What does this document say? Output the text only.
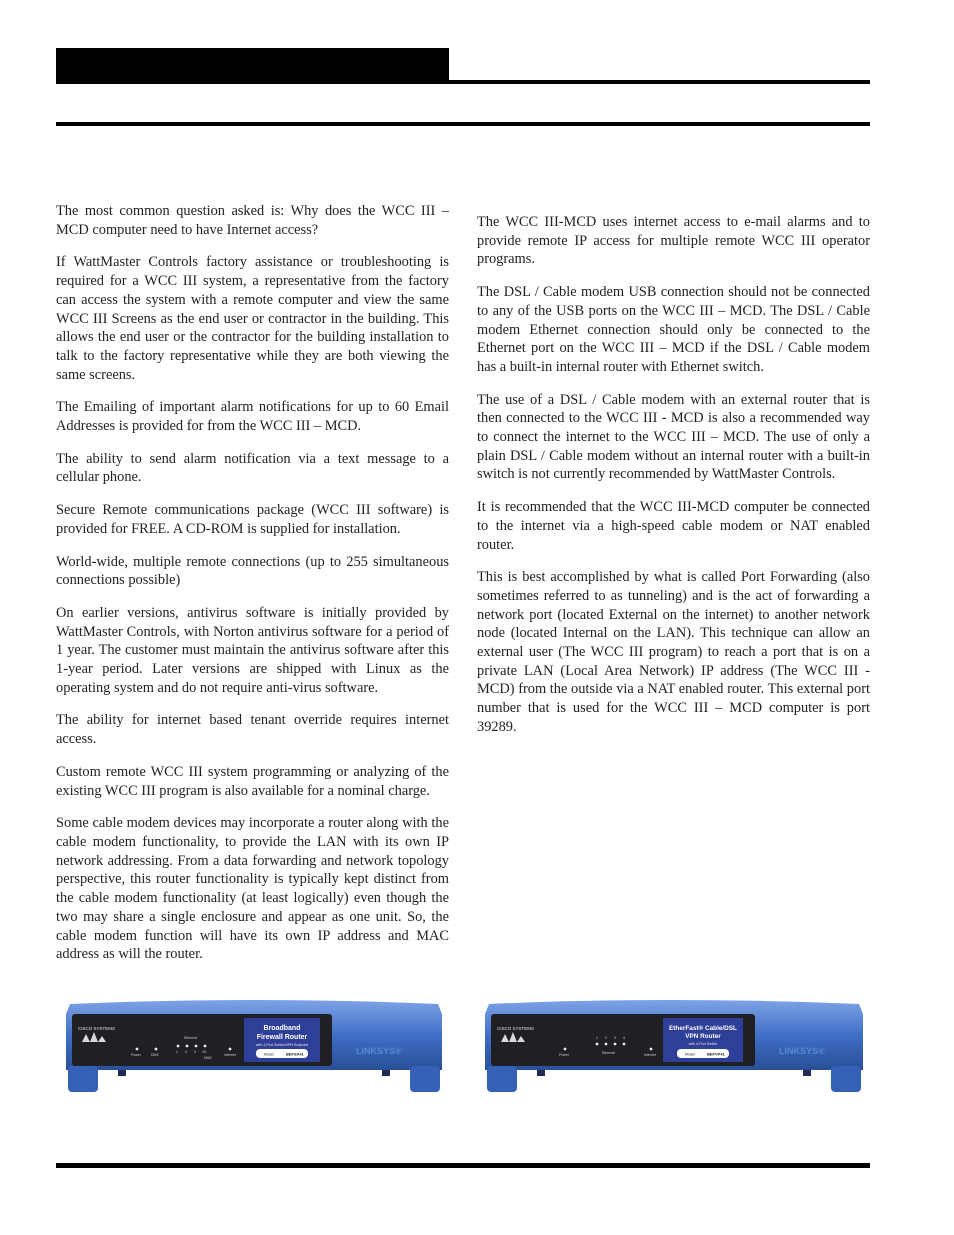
The most common question asked is: Why does the WCC III – MCD computer need to have Internet access?

If WattMaster Controls factory assistance or troubleshooting is required for a WCC III system, a representative from the factory can access the system with a remote computer and view the same WCC III Screens as the end user or contractor in the building. This allows the end user or the contractor for the building installation to talk to the factory representative while they are both viewing the same screens.

The Emailing of important alarm notifications for up to 60 Email Addresses is provided for from the WCC III – MCD.

The ability to send alarm notification via a text message to a cellular phone.

Secure Remote communications package (WCC III software) is provided for FREE. A CD-ROM is supplied for installation.

World-wide, multiple remote connections (up to 255 simultaneous connections possible)

On earlier versions, antivirus software is initially provided by WattMaster Controls, with Norton antivirus software for a period of 1 year. The customer must maintain the antivirus software after this 1-year period. Later versions are shipped with Linux as the operating system and do not require anti-virus software.

The ability for internet based tenant override requires internet access.

Custom remote WCC III system programming or analyzing of the existing WCC III program is also available for a nominal charge.

Some cable modem devices may incorporate a router along with the cable modem functionality, to provide the LAN with its own IP network addressing. From a data forwarding and network topology perspective, this router functionality is typically kept distinct from the cable modem functionality (at least logically) even though the two may share a single enclosure and appear as one unit. So, the cable modem function will have its own IP address and MAC address as will the router.

The WCC III-MCD uses internet access to e-mail alarms and to provide remote IP access for multiple remote WCC III operator programs.

The DSL / Cable modem USB connection should not be connected to any of the USB ports on the WCC III – MCD. The DSL / Cable modem Ethernet connection should only be connected to the Ethernet port on the WCC III – MCD if the DSL / Cable modem has a built-in internal router with Ethernet switch.

The use of a DSL / Cable modem with an external router that is then connected to the WCC III - MCD is also a recommended way to connect the internet to the WCC III – MCD. The use of only a plain DSL / Cable modem without an internal router with a built-in switch is not currently recommended by WattMaster Controls.

It is recommended that the WCC III-MCD computer be connected to the internet via a high-speed cable modem or NAT enabled router.

This is best accomplished by what is called Port Forwarding (also sometimes referred to as tunneling) and is the act of forwarding a network port (located External on the internet) to another network node (located Internal on the LAN). This technique can allow an external user (The WCC III program) to reach a port that is on a private LAN (Local Area Network) IP address (The WCC III - MCD) from the outside via a NAT enabled router. This external port number that is used for the WCC III – MCD computer is port 39289.

CISCO SYSTEMS
Power	DMZ
1 2 3 4/1
Internet
Ethernet
DMZ
Broadband
Firewall Router
with 4-Port Switch/VPN Endpoint
Model	BEFSX41	LINKSYS®
CISCO SYSTEMS
Power
1 2 3 4
Internet
Ethernet
EtherFast® Cable/DSL
VPN Router
with 4-Port Switch
Model	BEFVP41	LINKSYS®
